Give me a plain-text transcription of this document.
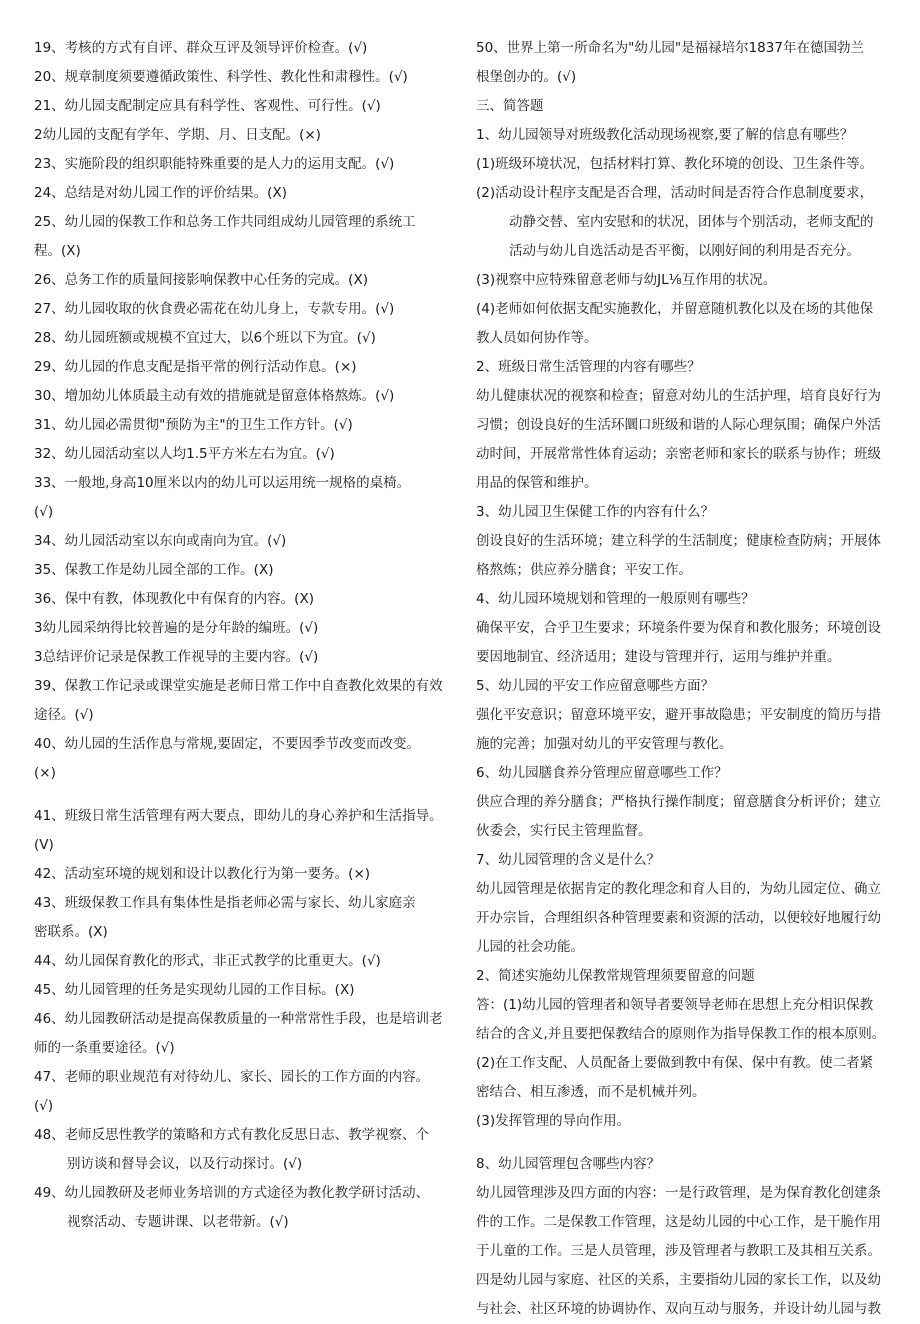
19、考核的方式有自评、群众互评及领导评价检查。(√)
20、规章制度须要遵循政策性、科学性、教化性和肃穆性。(√)
21、幼儿园支配制定应具有科学性、客观性、可行性。(√)
2幼儿园的支配有学年、学期、月、日支配。(×)
23、实施阶段的组织职能特殊重要的是人力的运用支配。(√)
24、总结是对幼儿园工作的评价结果。(X)
25、幼儿园的保教工作和总务工作共同组成幼儿园管理的系统工
程。(X)
26、总务工作的质量间接影响保教中心任务的完成。(X)
27、幼儿园收取的伙食费必需花在幼儿身上，专款专用。(√)
28、幼儿园班额或规模不宜过大，以6个班以下为宜。(√)
29、幼儿园的作息支配是指平常的例行活动作息。(×)
30、增加幼儿体质最主动有效的措施就是留意体格熬炼。(√)
31、幼儿园必需贯彻"预防为主"的卫生工作方针。(√)
32、幼儿园活动室以人均1.5平方米左右为宜。(√)
33、一般地,身高10厘米以内的幼儿可以运用统一规格的桌椅。
(√)
34、幼儿园活动室以东向或南向为宜。(√)
35、保教工作是幼儿园全部的工作。(X)
36、保中有教，体现教化中有保育的内容。(X)
3幼儿园采纳得比较普遍的是分年龄的编班。(√)
3总结评价记录是保教工作视导的主要内容。(√)
39、保教工作记录或课堂实施是老师日常工作中自查教化效果的有效
途径。(√)
40、幼儿园的生活作息与常规,要固定，不要因季节改变而改变。
(×)
41、班级日常生活管理有两大要点，即幼儿的身心养护和生活指导。
(V)
42、活动室环境的规划和设计以教化行为第一要务。(×)
43、班级保教工作具有集体性是指老师必需与家长、幼儿家庭亲
密联系。(X)
44、幼儿园保育教化的形式，非正式教学的比重更大。(√)
45、幼儿园管理的任务是实现幼儿园的工作目标。(X)
46、幼儿园教研活动是提高保教质量的一种常常性手段，也是培训老
师的一条重要途径。(√)
47、老师的职业规范有对待幼儿、家长、园长的工作方面的内容。
(√)
48、老师反思性教学的策略和方式有教化反思日志、教学视察、个
别访谈和督导会议，以及行动探讨。(√)
49、幼儿园教研及老师业务培训的方式途径为教化教学研讨活动、
视察活动、专题讲课、以老带新。(√)
50、世界上第一所命名为"幼儿园"是福禄培尔1837年在德国勃兰
根堡创办的。(√)
三、简答题
1、幼儿园领导对班级教化活动现场视察,要了解的信息有哪些？
(1)班级环境状况，包括材料打算、教化环境的创设、卫生条件等。
(2)活动设计程序支配是否合理，活动时间是否符合作息制度要求，
动静交替、室内安慰和的状况，团体与个别活动，老师支配的
活动与幼儿自选活动是否平衡，以刚好间的利用是否充分。
(3)视察中应特殊留意老师与幼JL⅛互作用的状况。
(4)老师如何依据支配实施教化，并留意随机教化以及在场的其他保
教人员如何协作等。
2、班级日常生活管理的内容有哪些？
幼儿健康状况的视察和检查；留意对幼儿的生活护理，培育良好行为
习惯；创设良好的生活环圜口班级和谐的人际心理氛围；确保户外活
动时间，开展常常性体育运动；亲密老师和家长的联系与协作；班级
用品的保管和维护。
3、幼儿园卫生保健工作的内容有什么？
创设良好的生活环境；建立科学的生活制度；健康检查防病；开展体
格熬炼；供应养分膳食；平安工作。
4、幼儿园环境规划和管理的一般原则有哪些？
确保平安，合乎卫生要求；环境条件要为保育和教化服务；环境创设
要因地制宜、经济适用；建设与管理并行，运用与维护并重。
5、幼儿园的平安工作应留意哪些方面？
强化平安意识；留意环境平安，避开事故隐患；平安制度的简历与措
施的完善；加强对幼儿的平安管理与教化。
6、幼儿园膳食养分管理应留意哪些工作？
供应合理的养分膳食；严格执行操作制度；留意膳食分析评价；建立
伙委会，实行民主管理监督。
7、幼儿园管理的含义是什么？
幼儿园管理是依据肯定的教化理念和育人目的，为幼儿园定位、确立
开办宗旨，合理组织各种管理要素和资源的活动，以便较好地履行幼
儿园的社会功能。
2、简述实施幼儿保教常规管理须要留意的问题
答：(1)幼儿园的管理者和领导者要领导老师在思想上充分相识保教
结合的含义,并且要把保教结合的原则作为指导保教工作的根本原则。
(2)在工作支配、人员配备上要做到教中有保、保中有教。使二者紧
密结合、相互渗透，而不是机械并列。
(3)发挥管理的导向作用。
8、幼儿园管理包含哪些内容？
幼儿园管理涉及四方面的内容：一是行政管理，是为保育教化创建条
件的工作。二是保教工作管理，这是幼儿园的中心工作，是干脆作用
于儿童的工作。三是人员管理，涉及管理者与教职工及其相互关系。
四是幼儿园与家庭、社区的关系，主要指幼儿园的家长工作，以及幼
与社会、社区环境的协调协作、双向互动与服务，并设计幼儿园与教
